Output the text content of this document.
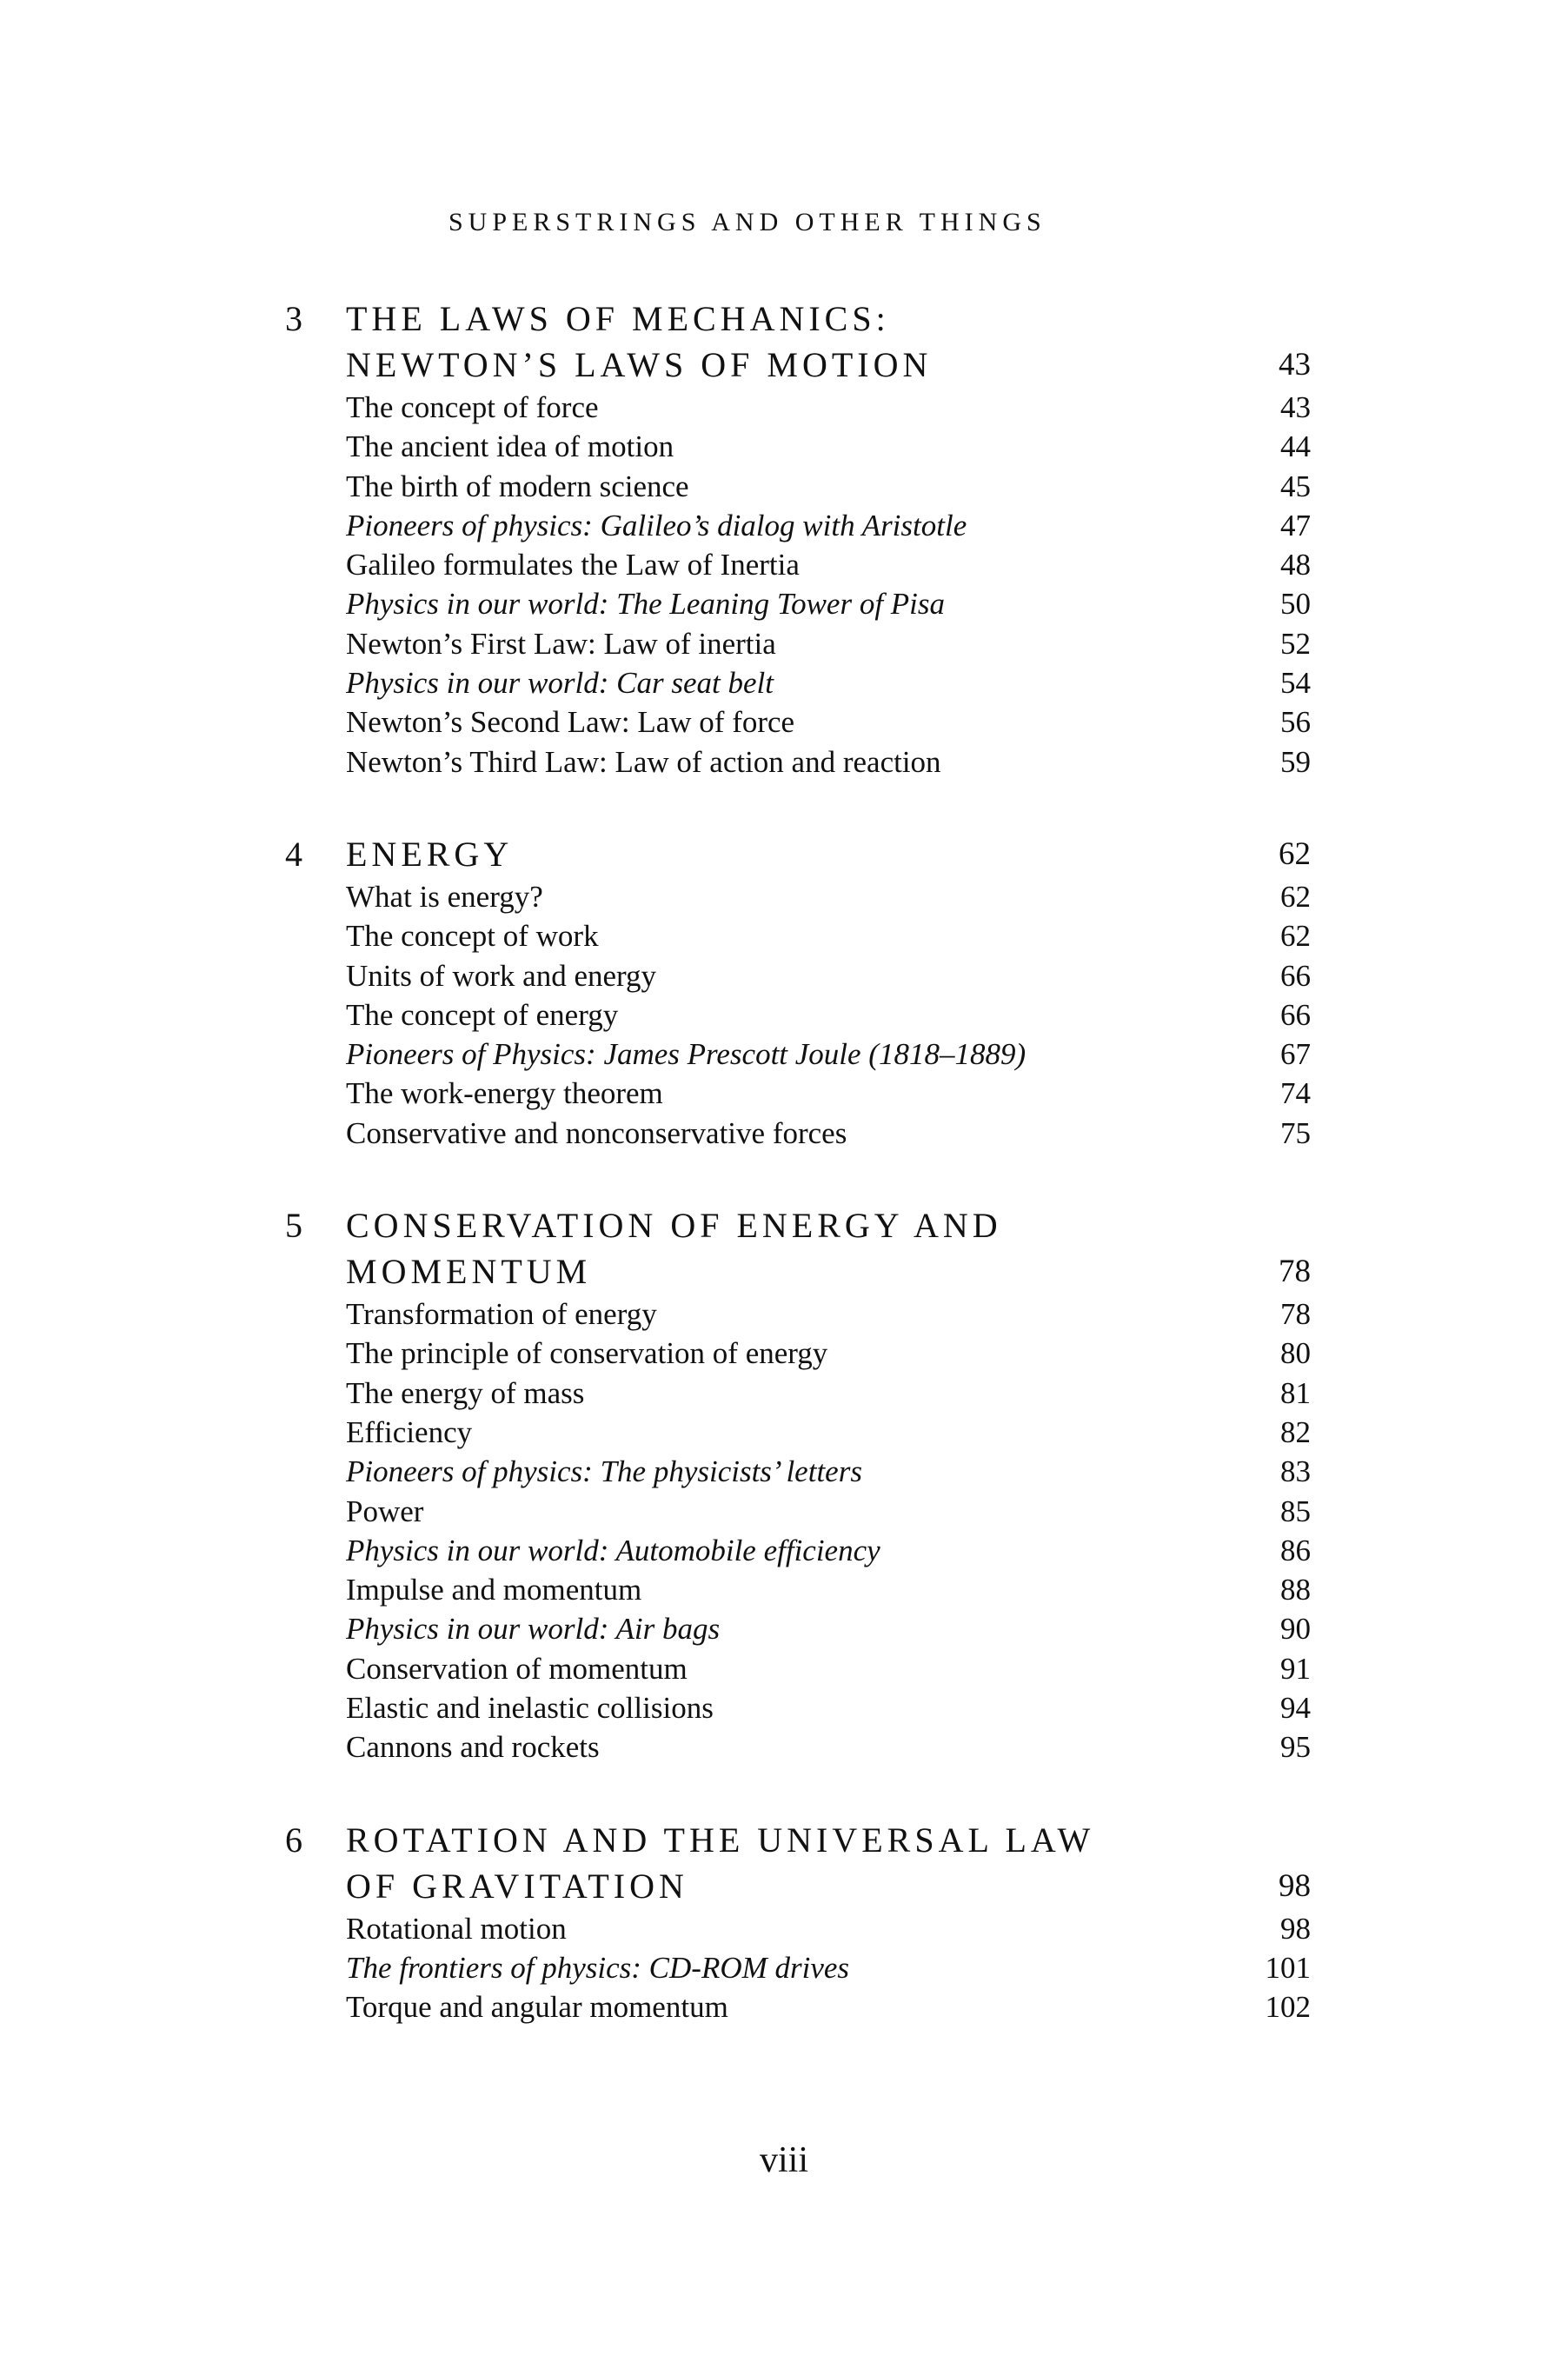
SUPERSTRINGS AND OTHER THINGS
3 THE LAWS OF MECHANICS:
NEWTON’S LAWS OF MOTION	43
The concept of force	43
The ancient idea of motion	44
The birth of modern science	45
Pioneers of physics: Galileo’s dialog with Aristotle	47
Galileo formulates the Law of Inertia	48
Physics in our world: The Leaning Tower of Pisa	50
Newton’s First Law: Law of inertia	52
Physics in our world: Car seat belt	54
Newton’s Second Law: Law of force	56
Newton’s Third Law: Law of action and reaction	59
4 ENERGY	62
What is energy?	62
The concept of work	62
Units of work and energy	66
The concept of energy	66
Pioneers of Physics: James Prescott Joule (1818–1889)	67
The work-energy theorem	74
Conservative and nonconservative forces	75
5 CONSERVATION OF ENERGY AND
MOMENTUM	78
Transformation of energy	78
The principle of conservation of energy	80
The energy of mass	81
Efficiency	82
Pioneers of physics: The physicists’ letters	83
Power	85
Physics in our world: Automobile efficiency	86
Impulse and momentum	88
Physics in our world: Air bags	90
Conservation of momentum	91
Elastic and inelastic collisions	94
Cannons and rockets	95
6 ROTATION AND THE UNIVERSAL LAW
OF GRAVITATION	98
Rotational motion	98
The frontiers of physics: CD-ROM drives	101
Torque and angular momentum	102
viii
